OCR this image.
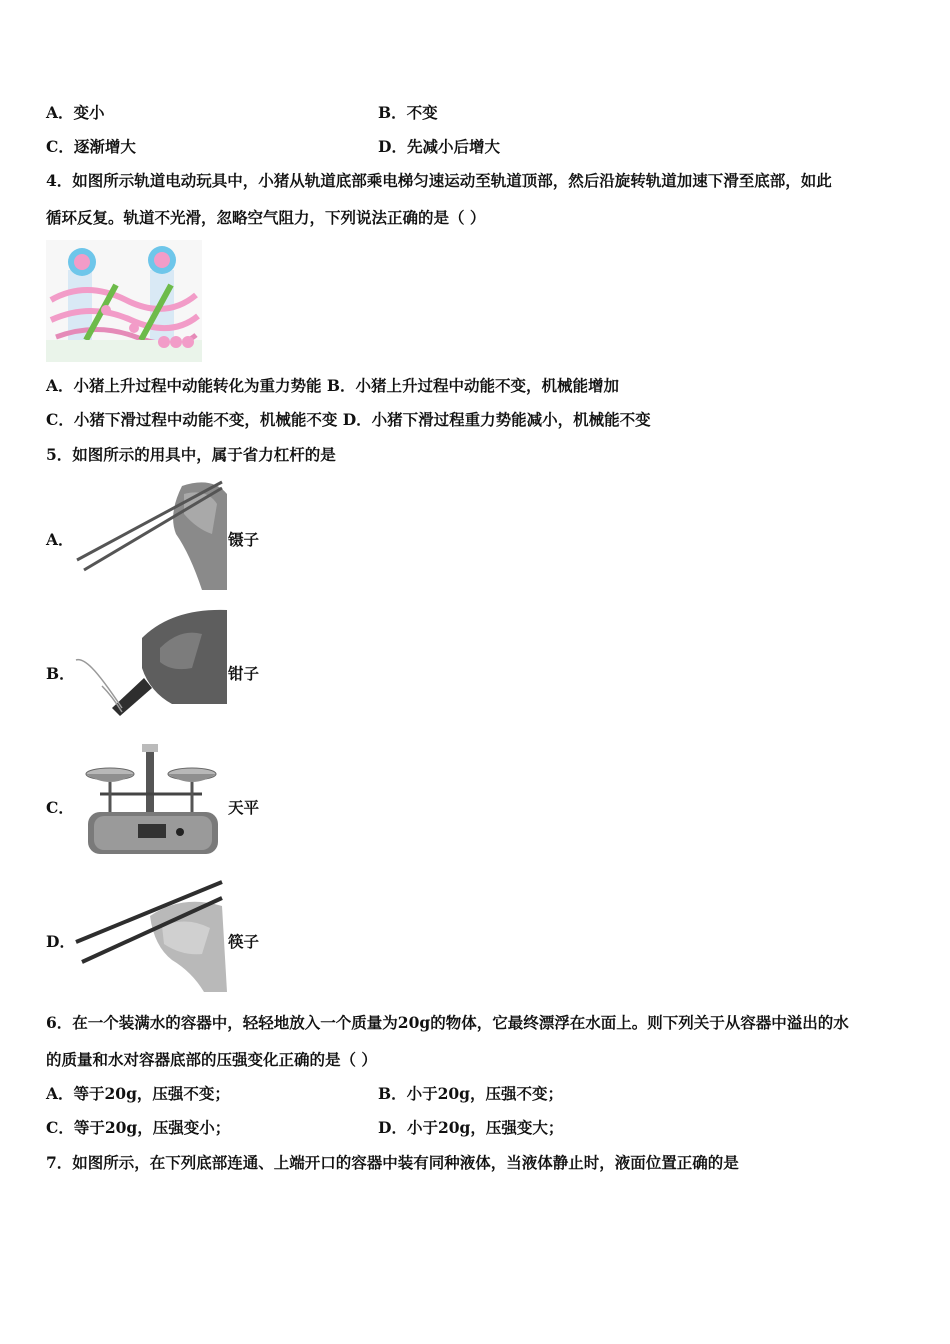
A．变小	B．不变
C．逐渐增大	D．先减小后增大
4．如图所示轨道电动玩具中，小猪从轨道底部乘电梯匀速运动至轨道顶部，然后沿旋转轨道加速下滑至底部，如此
循环反复。轨道不光滑，忽略空气阻力，下列说法正确的是（ ）
A．小猪上升过程中动能转化为重力势能 B．小猪上升过程中动能不变，机械能增加
C．小猪下滑过程中动能不变，机械能不变 D．小猪下滑过程重力势能减小，机械能不变
5．如图所示的用具中，属于省力杠杆的是
A．	镊子
B．	钳子
C．	天平
D．	筷子
6．在一个装满水的容器中，轻轻地放入一个质量为20g的物体，它最终漂浮在水面上。则下列关于从容器中溢出的水
的质量和水对容器底部的压强变化正确的是（ ）
A．等于20g，压强不变；	B．小于20g，压强不变；
C．等于20g，压强变小；	D．小于20g，压强变大；
7．如图所示，在下列底部连通、上端开口的容器中装有同种液体，当液体静止时，液面位置正确的是
